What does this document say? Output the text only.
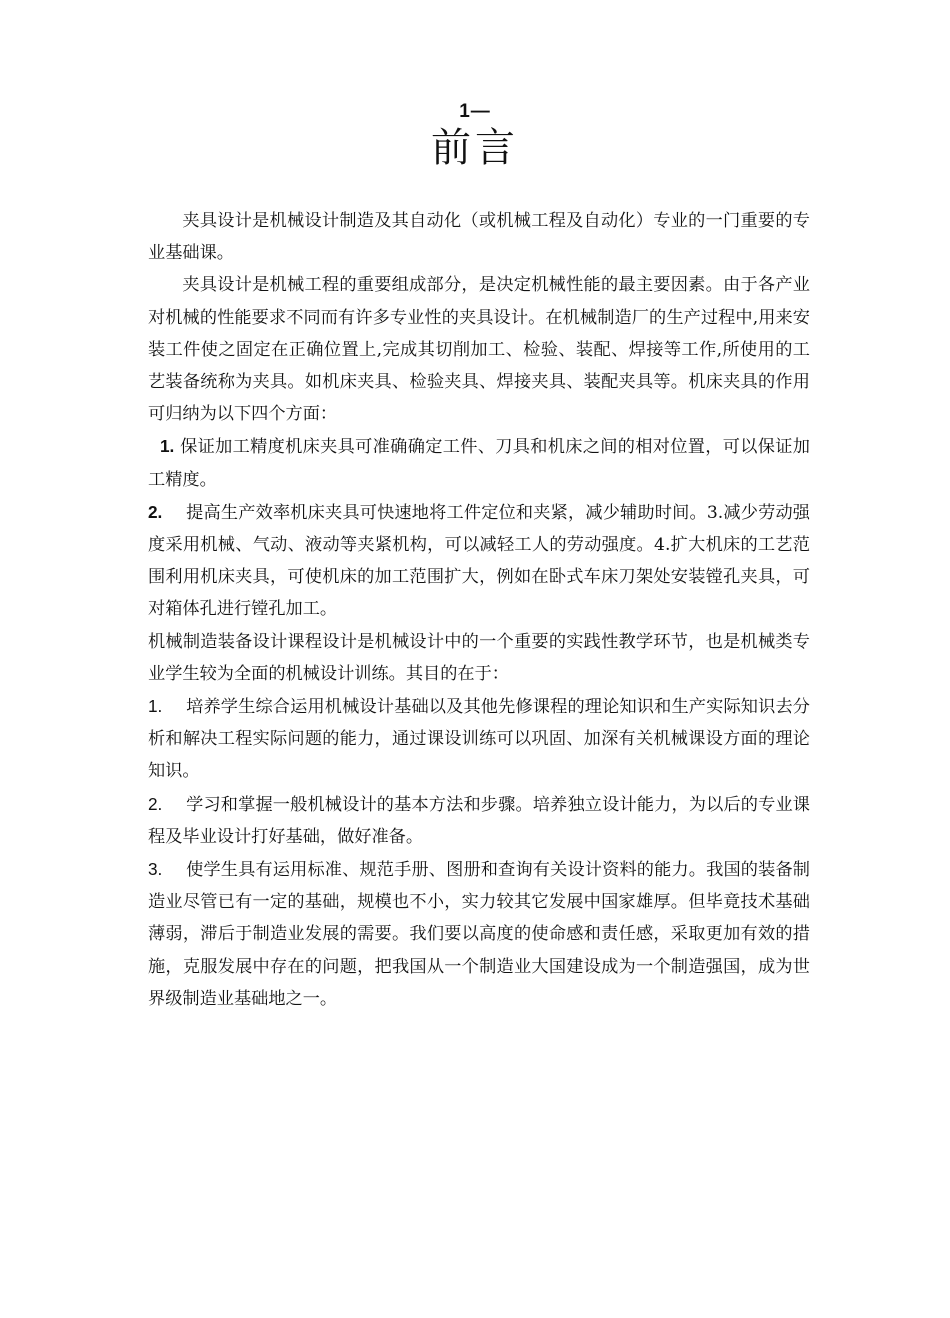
1—
前言

夹具设计是机械设计制造及其自动化（或机械工程及自动化）专业的一门重要的专业基础课。

夹具设计是机械工程的重要组成部分，是决定机械性能的最主要因素。由于各产业对机械的性能要求不同而有许多专业性的夹具设计。在机械制造厂的生产过程中,用来安装工件使之固定在正确位置上,完成其切削加工、检验、装配、焊接等工作,所使用的工艺装备统称为夹具。如机床夹具、检验夹具、焊接夹具、装配夹具等。机床夹具的作用可归纳为以下四个方面：

1. 保证加工精度机床夹具可准确确定工件、刀具和机床之间的相对位置，可以保证加工精度。

2. 提高生产效率机床夹具可快速地将工件定位和夹紧，减少辅助时间。3.减少劳动强度采用机械、气动、液动等夹紧机构，可以减轻工人的劳动强度。4.扩大机床的工艺范围利用机床夹具，可使机床的加工范围扩大，例如在卧式车床刀架处安装镗孔夹具，可对箱体孔进行镗孔加工。

机械制造装备设计课程设计是机械设计中的一个重要的实践性教学环节，也是机械类专业学生较为全面的机械设计训练。其目的在于：

1. 培养学生综合运用机械设计基础以及其他先修课程的理论知识和生产实际知识去分析和解决工程实际问题的能力，通过课设训练可以巩固、加深有关机械课设方面的理论知识。

2. 学习和掌握一般机械设计的基本方法和步骤。培养独立设计能力，为以后的专业课程及毕业设计打好基础，做好准备。

3. 使学生具有运用标准、规范手册、图册和查询有关设计资料的能力。我国的装备制造业尽管已有一定的基础，规模也不小，实力较其它发展中国家雄厚。但毕竟技术基础薄弱，滞后于制造业发展的需要。我们要以高度的使命感和责任感，采取更加有效的措施，克服发展中存在的问题，把我国从一个制造业大国建设成为一个制造强国，成为世界级制造业基础地之一。
